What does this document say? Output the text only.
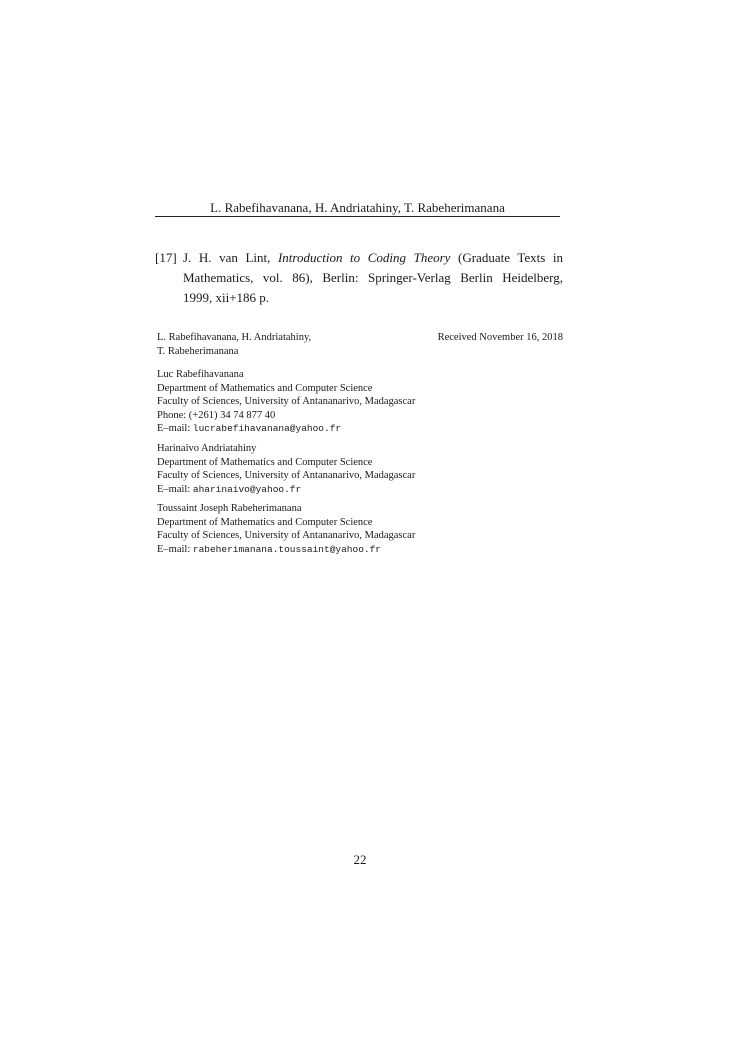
L. Rabefihavanana, H. Andriatahiny, T. Rabeherimanana
[17] J. H. van Lint, Introduction to Coding Theory (Graduate Texts in
Mathematics, vol. 86), Berlin: Springer-Verlag Berlin Heidelberg,
1999, xii+186 p.
L. Rabefihavanana, H. Andriatahiny,
T. Rabeherimanana
Received November 16, 2018
Luc Rabefihavanana
Department of Mathematics and Computer Science
Faculty of Sciences, University of Antananarivo, Madagascar
Phone: (+261) 34 74 877 40
E–mail: lucrabefihavanana@yahoo.fr
Harinaivo Andriatahiny
Department of Mathematics and Computer Science
Faculty of Sciences, University of Antananarivo, Madagascar
E–mail: aharinaivo@yahoo.fr
Toussaint Joseph Rabeherimanana
Department of Mathematics and Computer Science
Faculty of Sciences, University of Antananarivo, Madagascar
E–mail: rabeherimanana.toussaint@yahoo.fr
22
